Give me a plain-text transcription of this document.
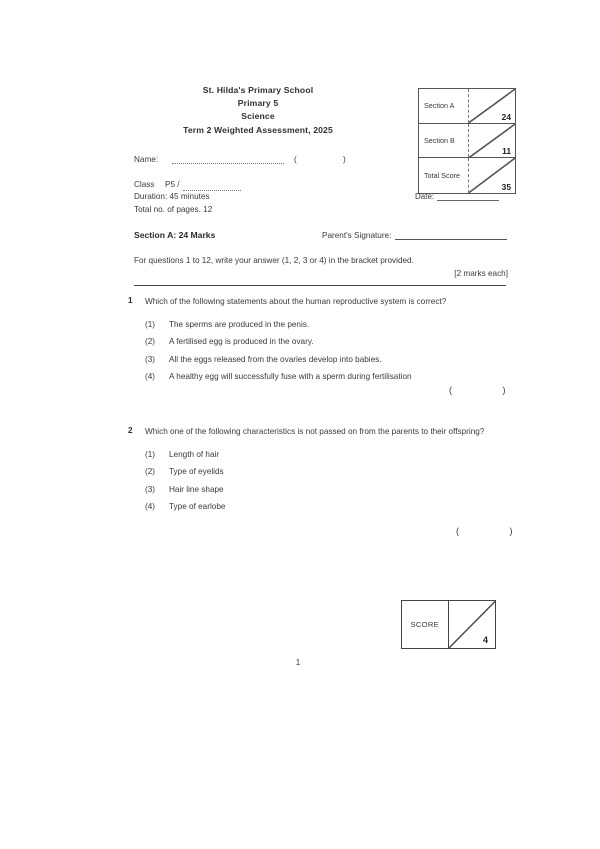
St. Hilda's Primary School
Primary 5
Science
Term 2 Weighted Assessment, 2025
Section A
24
Section B
11
Total Score
35
Date:
Name:	( )
Class	P5 /
Duration: 45 minutes
Total no. of pages. 12
Section A: 24 Marks	Parent's Signature:
For questions 1 to 12, write your answer (1, 2, 3 or 4) in the bracket provided.
[2 marks each]
1	Which of the following statements about the human reproductive system is correct?
(1)	The sperms are produced in the penis.
(2)	A fertilised egg is produced in the ovary.
(3)	All the eggs released from the ovaries develop into babies.
(4)	A healthy egg will successfully fuse with a sperm during fertilisation
( )
2	Which one of the following characteristics is not passed on from the parents to their offspring?
(1)	Length of hair
(2)	Type of eyelids
(3)	Hair line shape
(4)	Type of earlobe
( )
SCORE
4
1
